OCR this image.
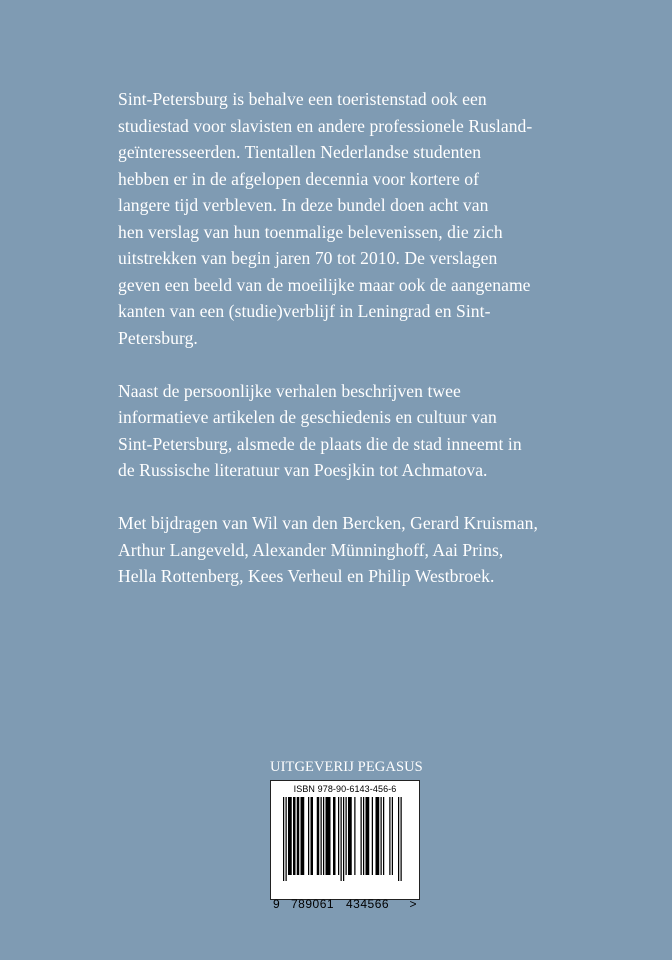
Sint-Petersburg is behalve een toeristenstad ook een
studiestad voor slavisten en andere professionele Rusland-
geïnteresseerden. Tientallen Nederlandse studenten
hebben er in de afgelopen decennia voor kortere of
langere tijd verbleven. In deze bundel doen acht van
hen verslag van hun toenmalige belevenissen, die zich
uitstrekken van begin jaren 70 tot 2010. De verslagen
geven een beeld van de moeilijke maar ook de aangename
kanten van een (studie)verblijf in Leningrad en Sint-
Petersburg.

Naast de persoonlijke verhalen beschrijven twee
informatieve artikelen de geschiedenis en cultuur van
Sint-Petersburg, alsmede de plaats die de stad inneemt in
de Russische literatuur van Poesjkin tot Achmatova.

Met bijdragen van Wil van den Bercken, Gerard Kruisman,
Arthur Langeveld, Alexander Münninghoff, Aai Prins,
Hella Rottenberg, Kees Verheul en Philip Westbroek.

UITGEVERIJ PEGASUS
ISBN 978-90-6143-456-6
9 789061 434566 >
